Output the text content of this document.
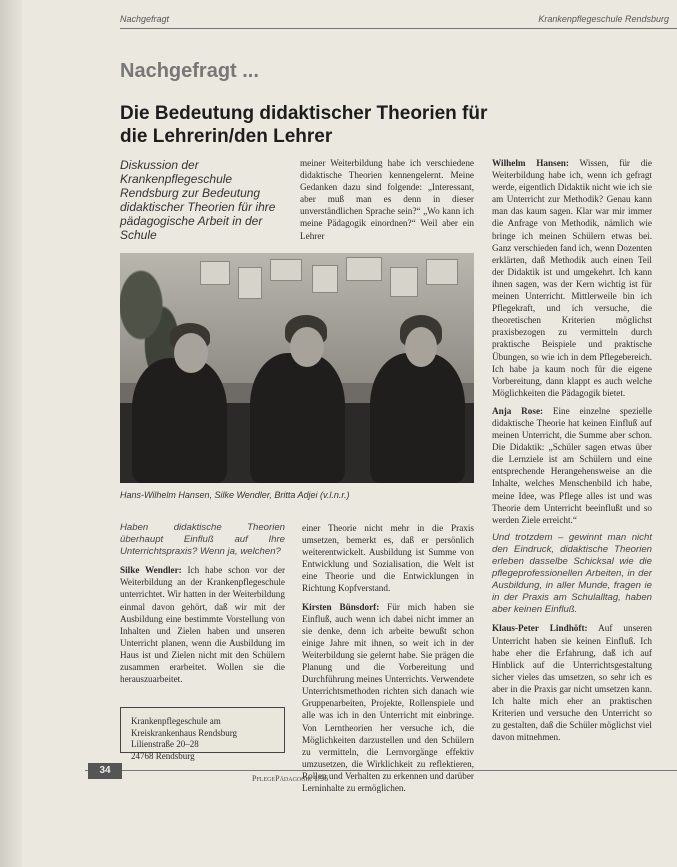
Nachgefragt	Krankenpflegeschule Rendsburg
Nachgefragt ...
Die Bedeutung didaktischer Theorien für die Lehrerin/den Lehrer
Diskussion der Krankenpflegeschule Rendsburg zur Bedeutung didaktischer Theorien für ihre pädagogische Arbeit in der Schule

meiner Weiterbildung habe ich verschiedene didaktische Theorien kennengelernt. Meine Gedanken dazu sind folgende: „Interessant, aber muß man es denn in dieser unverständlichen Sprache sein?“ „Wo kann ich meine Pädagogik einordnen?“ Weil aber ein Lehrer

Wilhelm Hansen: Wissen, für die Weiterbildung habe ich, wenn ich gefragt werde, eigentlich Didaktik nicht wie ich sie am Unterricht zur Methodik? Genau kann man das kaum sagen. Klar war mir immer die Anfrage von Methodik, nämlich wie bringe ich meinen Schülern etwas bei. Ganz verschieden fand ich, wenn Dozenten erklärten, daß Methodik auch einen Teil der Didaktik ist und umgekehrt. Ich kann ihnen sagen, was der Kern wichtig ist für meinen Unterricht. Mittlerweile bin ich Pflegekraft, und ich versuche, die theoretischen Kriterien möglichst praxisbezogen zu vermitteln durch praktische Beispiele und praktische Übungen, so wie ich in dem Pflegebereich. Ich habe ja kaum noch für die eigene Vorbereitung, dann klappt es auch welche Möglichkeiten die Pädagogik bietet.

Anja Rose: Eine einzelne spezielle didaktische Theorie hat keinen Einfluß auf meinen Unterricht, die Summe aber schon. Die Didaktik: „Schüler sagen etwas über die Lernziele ist am Schülern und eine entsprechende Herangehensweise an die Inhalte, welches Menschenbild ich habe, meine Idee, was Pflege alles ist und was Theorie dem Unterricht beeinflußt und so werden Ziele erreicht.“

Und trotzdem – gewinnt man nicht den Eindruck, didaktische Theorien erleben dasselbe Schicksal wie die pflegeprofessionellen Arbeiten, in der Ausbildung, in aller Munde, fragen ie in der Praxis am Schulalltag, haben aber keinen Einfluß.

Klaus-Peter Lindhöft: Auf unseren Unterricht haben sie keinen Einfluß. Ich habe eher die Erfahrung, daß ich auf Hinblick auf die Unterrichtsgestaltung sicher vieles das umsetzen, so sehr ich es aber in die Praxis gar nicht umsetzen kann. Ich halte mich eher an praktischen Kriterien und versuche den Unterricht so zu gestalten, daß die Schüler möglichst viel davon mitnehmen.

Hans-Wilhelm Hansen, Silke Wendler, Britta Adjei (v.l.n.r.)

Haben didaktische Theorien überhaupt Einfluß auf Ihre Unterrichtspraxis? Wenn ja, welchen?

Silke Wendler: Ich habe schon vor der Weiterbildung an der Krankenpflegeschule unterrichtet. Wir hatten in der Weiterbildung einmal davon gehört, daß wir mit der Ausbildung eine bestimmte Vorstellung von Inhalten und Zielen haben und unseren Unterricht planen, wenn die Ausbildung im Haus ist und Zielen nicht mit den Schülern zusammen erarbeitet. Wollen sie die herauszuarbeitet.

einer Theorie nicht mehr in die Praxis umsetzen, bemerkt es, daß er persönlich weiterentwickelt. Ausbildung ist Summe von Entwicklung und Sozialisation, die Welt ist eine Theorie und die Entwicklungen in Richtung Kopfverstand.

Kirsten Bünsdorf: Für mich haben sie Einfluß, auch wenn ich dabei nicht immer an sie denke, denn ich arbeite bewußt schon einige Jahre mit ihnen, so weit ich in der Weiterbildung sie gelernt habe. Sie prägen die Planung und die Vorbereitung und Durchführung meines Unterrichts. Verwendete Unterrichtsmethoden richten sich danach wie Gruppenarbeiten, Projekte, Rollenspiele und alle was ich in den Unterricht mit einbringe. Von Lerntheorien her versuche ich, die Möglichkeiten darzustellen und den Schülern zu vermitteln, die Lernvorgänge effektiv umzusetzen, die Wirklichkeit zu reflektieren, Rollen und Verhalten zu erkennen und darüber Lerninhalte zu ermöglichen.

Krankenpflegeschule am
Kreiskrankenhaus Rendsburg
Lilienstraße 20–28
24768 Rendsburg
34
PflegePädagogik 1/96
